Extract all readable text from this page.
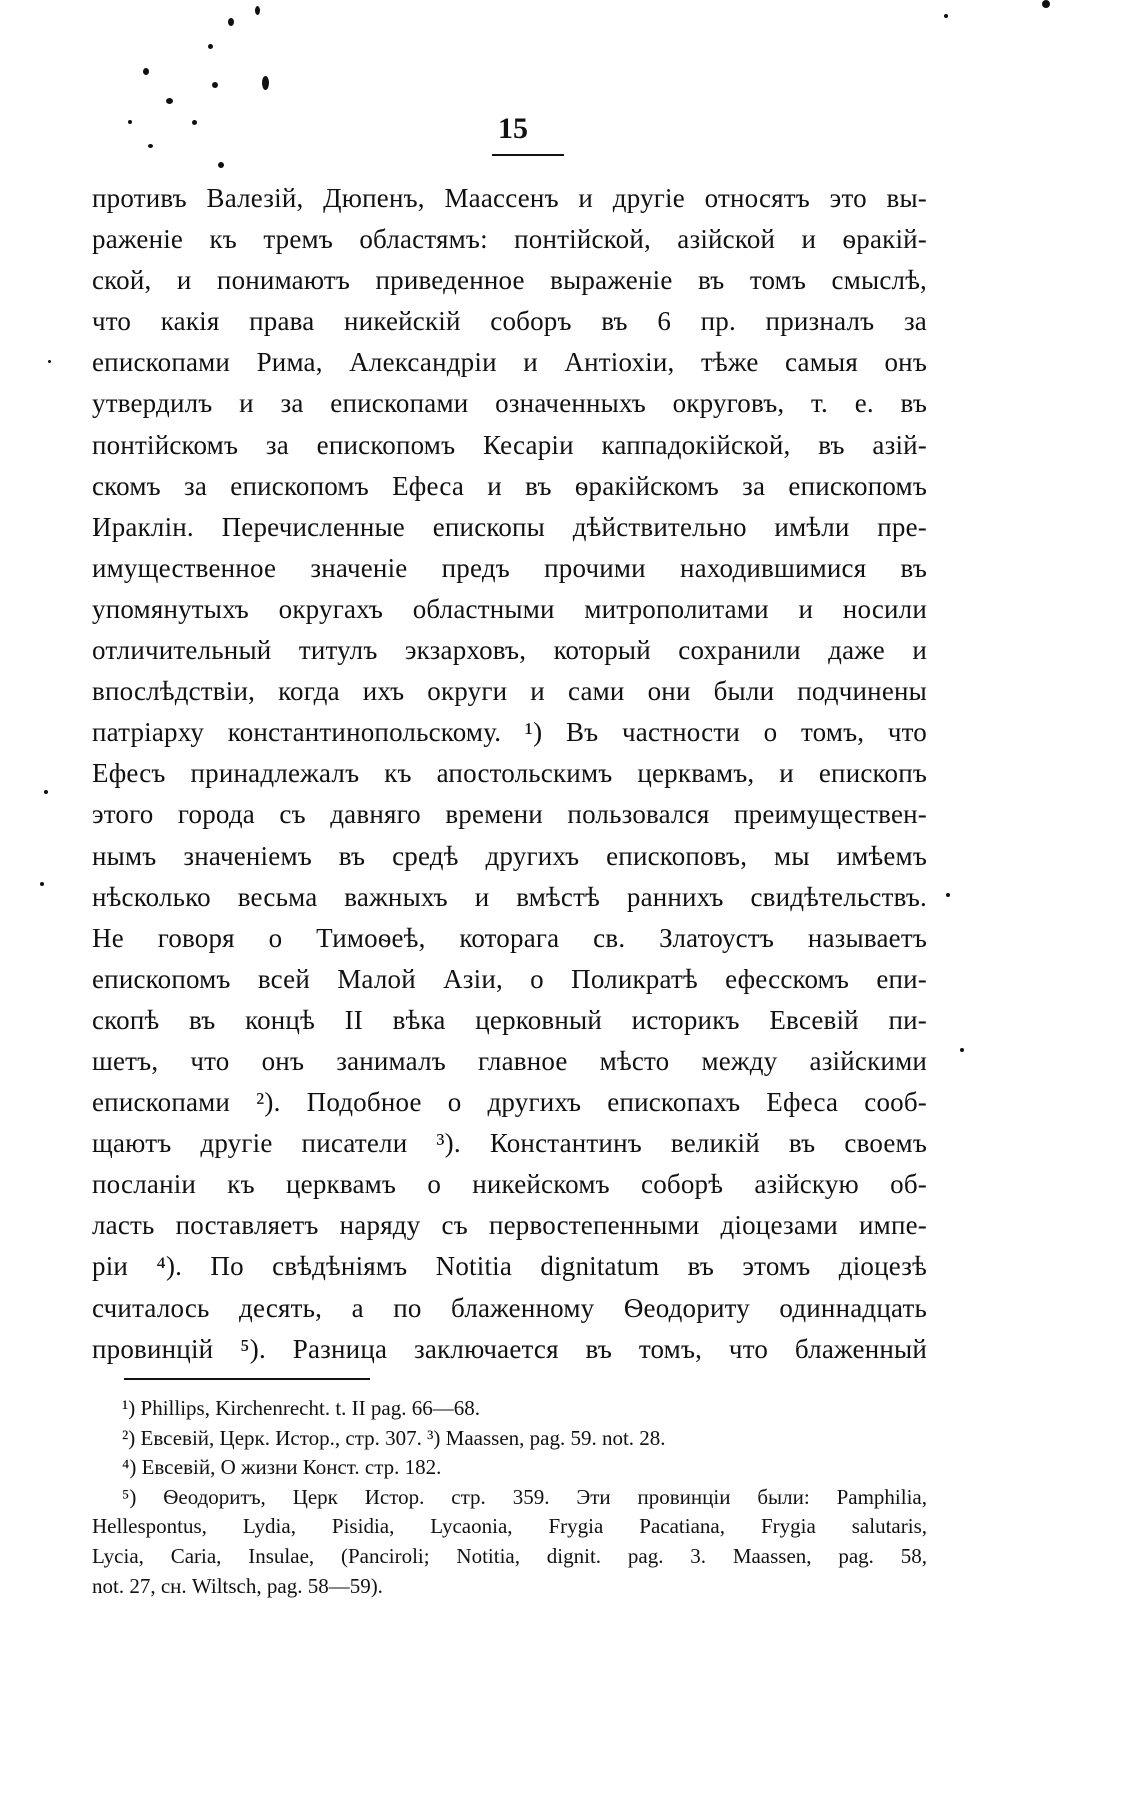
15
противъ Валезій, Дюпенъ, Маассенъ и другіе относятъ это вы-
раженіе къ тремъ областямъ: понтійской, азійской и ѳракій-
ской, и понимаютъ приведенное выраженіе въ томъ смыслѣ,
что какія права никейскій соборъ въ 6 пр. призналъ за
епископами Рима, Александріи и Антіохіи, тѣже самыя онъ
утвердилъ и за епископами означенныхъ округовъ, т. е. въ
понтійскомъ за епископомъ Кесаріи каппадокійской, въ азій-
скомъ за епископомъ Ефеса и въ ѳракійскомъ за епископомъ
Ираклін. Перечисленные епископы дѣйствительно имѣли пре-
имущественное значеніе предъ прочими находившимися въ
упомянутыхъ округахъ областными митрополитами и носили
отличительный титулъ экзарховъ, который сохранили даже и
впослѣдствіи, когда ихъ округи и сами они были подчинены
патріарху константинопольскому. ¹) Въ частности о томъ, что
Ефесъ принадлежалъ къ апостольскимъ церквамъ, и епископъ
этого города съ давняго времени пользовался преимуществен-
нымъ значеніемъ въ средѣ другихъ епископовъ, мы имѣемъ
нѣсколько весьма важныхъ и вмѣстѣ раннихъ свидѣтельствъ.
Не говоря о Тимоѳеѣ, которага св. Златоустъ называетъ
епископомъ всей Малой Азіи, о Поликратѣ ефесскомъ епи-
скопѣ въ концѣ II вѣка церковный историкъ Евсевій пи-
шетъ, что онъ занималъ главное мѣсто между азійскими
епископами ²). Подобное о другихъ епископахъ Ефеса сооб-
щаютъ другіе писатели ³). Константинъ великій въ своемъ
посланіи къ церквамъ о никейскомъ соборѣ азійскую об-
ласть поставляетъ наряду съ первостепенными діоцезами импе-
ріи ⁴). По свѣдѣніямъ Notitia dignitatum въ этомъ діоцезѣ
считалось десять, а по блаженному Ѳеодориту одиннадцать
провинцій ⁵). Разница заключается въ томъ, что блаженный
¹) Phillips, Kirchenrecht. t. II pag. 66—68.
²) Евсевій, Церк. Истор., стр. 307. ³) Maassen, pag. 59. not. 28.
⁴) Евсевій, О жизни Конст. стр. 182.
⁵) Ѳеодоритъ, Церк Истор. стр. 359. Эти провинціи были: Pamphilia,
Hellespontus, Lydia, Pisidia, Lycaonia, Frygia Pacatiana, Frygia salutaris,
Lycia, Caria, Insulae, (Panciroli; Notitia, dignit. pag. 3. Maassen, pag. 58,
not. 27, сн. Wiltsch, pag. 58—59).
